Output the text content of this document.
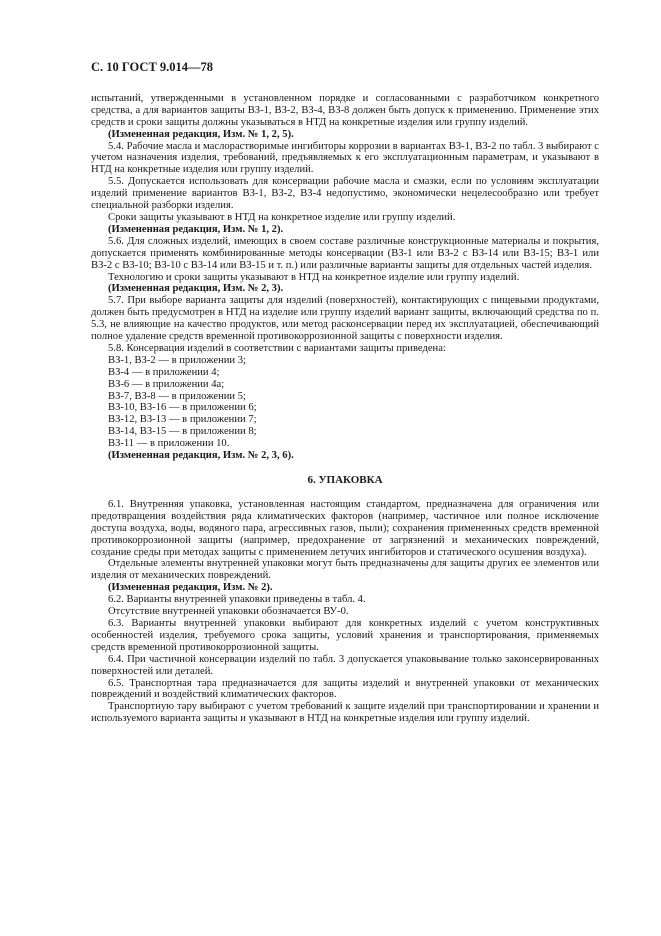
С. 10 ГОСТ 9.014—78

испытаний, утвержденными в установленном порядке и согласованными с разработчиком конкретного средства, а для вариантов защиты ВЗ-1, ВЗ-2, ВЗ-4, ВЗ-8 должен быть допуск к применению. Применение этих средств и сроки защиты должны указываться в НТД на конкретные изделия или группу изделий.

(Измененная редакция, Изм. № 1, 2, 5).

5.4. Рабочие масла и маслорастворимые ингибиторы коррозии в вариантах ВЗ-1, ВЗ-2 по табл. 3 выбирают с учетом назначения изделия, требований, предъявляемых к его эксплуатационным параметрам, и указывают в НТД на конкретные изделия или группу изделий.

5.5. Допускается использовать для консервации рабочие масла и смазки, если по условиям эксплуатации изделий применение вариантов ВЗ-1, ВЗ-2, ВЗ-4 недопустимо, экономически нецелесообразно или требует специальной разборки изделия.

Сроки защиты указывают в НТД на конкретное изделие или группу изделий.

(Измененная редакция, Изм. № 1, 2).

5.6. Для сложных изделий, имеющих в своем составе различные конструкционные материалы и покрытия, допускается применять комбинированные методы консервации (ВЗ-1 или ВЗ-2 с ВЗ-14 или ВЗ-15; ВЗ-1 или ВЗ-2 с ВЗ-10; ВЗ-10 с ВЗ-14 или ВЗ-15 и т. п.) или различные варианты защиты для отдельных частей изделия.

Технологию и сроки защиты указывают в НТД на конкретное изделие или группу изделий.

(Измененная редакция, Изм. № 2, 3).

5.7. При выборе варианта защиты для изделий (поверхностей), контактирующих с пищевыми продуктами, должен быть предусмотрен в НТД на изделие или группу изделий вариант защиты, включающий средства по п. 5.3, не влияющие на качество продуктов, или метод расконсервации перед их эксплуатацией, обеспечивающий полное удаление средств временной противокоррозионной защиты с поверхности изделия.

5.8. Консервация изделий в соответствии с вариантами защиты приведена:

ВЗ-1, ВЗ-2 — в приложении 3;

ВЗ-4 — в приложении 4;

ВЗ-6 — в приложении 4а;

ВЗ-7, ВЗ-8 — в приложении 5;

ВЗ-10, ВЗ-16 — в приложении 6;

ВЗ-12, ВЗ-13 — в приложении 7;

ВЗ-14, ВЗ-15 — в приложении 8;

ВЗ-11 — в приложении 10.

(Измененная редакция, Изм. № 2, 3, 6).

6. УПАКОВКА

6.1. Внутренняя упаковка, установленная настоящим стандартом, предназначена для ограничения или предотвращения воздействия ряда климатических факторов (например, частичное или полное исключение доступа воздуха, воды, водяного пара, агрессивных газов, пыли); сохранения примененных средств временной противокоррозионной защиты (например, предохранение от загрязнений и механических повреждений, создание среды при методах защиты с применением летучих ингибиторов и статического осушения воздуха).

Отдельные элементы внутренней упаковки могут быть предназначены для защиты других ее элементов или изделия от механических повреждений.

(Измененная редакция, Изм. № 2).

6.2. Варианты внутренней упаковки приведены в табл. 4.

Отсутствие внутренней упаковки обозначается ВУ-0.

6.3. Варианты внутренней упаковки выбирают для конкретных изделий с учетом конструктивных особенностей изделия, требуемого срока защиты, условий хранения и транспортирования, применяемых средств временной противокоррозионной защиты.

6.4. При частичной консервации изделий по табл. 3 допускается упаковывание только законсервированных поверхностей или деталей.

6.5. Транспортная тара предназначается для защиты изделий и внутренней упаковки от механических повреждений и воздействий климатических факторов.

Транспортную тару выбирают с учетом требований к защите изделий при транспортировании и хранении и используемого варианта защиты и указывают в НТД на конкретные изделия или группу изделий.
